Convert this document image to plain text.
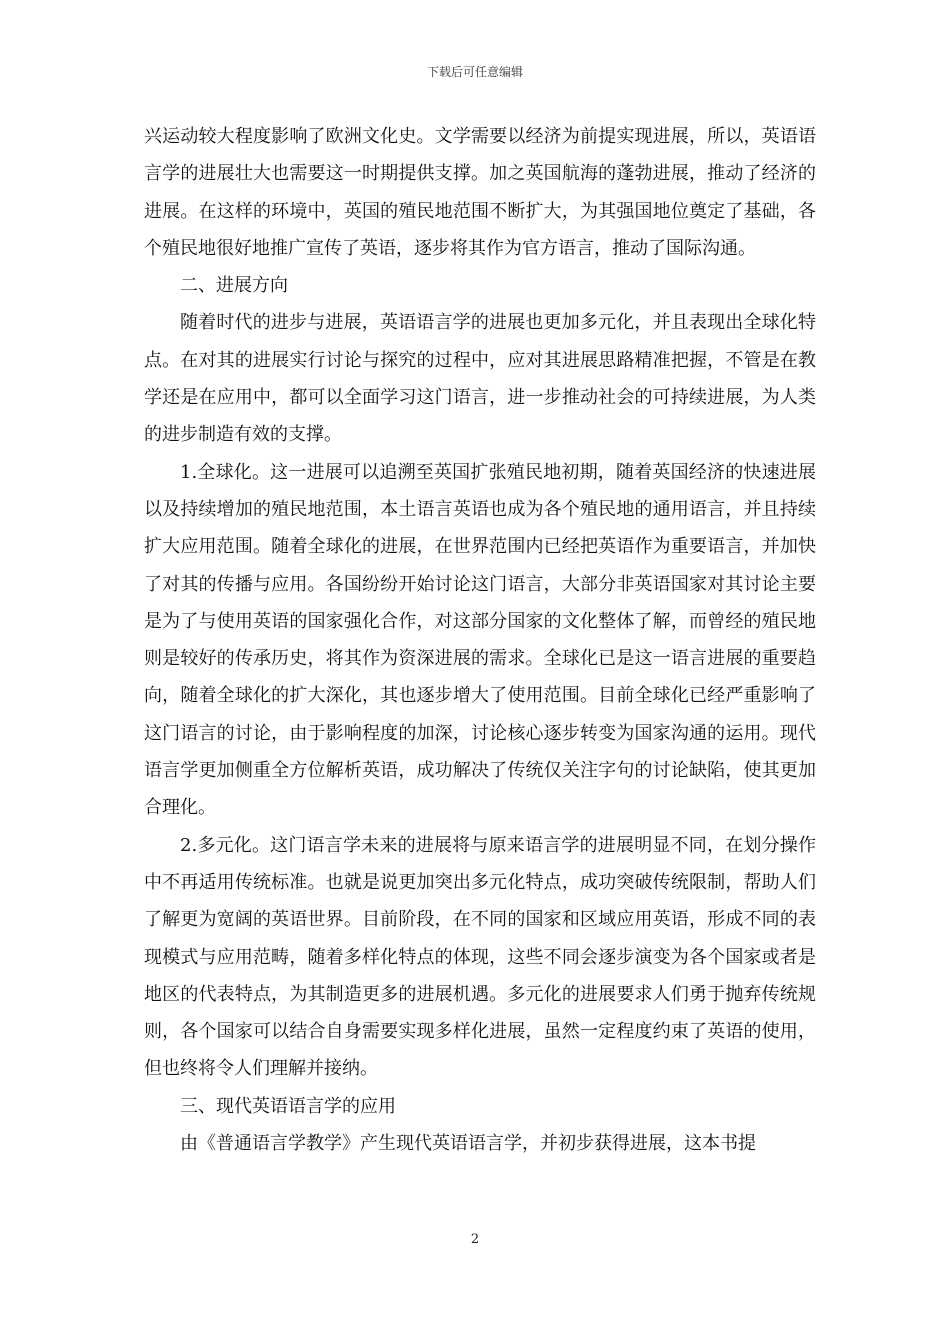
下载后可任意编辑

兴运动较大程度影响了欧洲文化史。文学需要以经济为前提实现进展，所以，英语语言学的进展壮大也需要这一时期提供支撑。加之英国航海的蓬勃进展，推动了经济的进展。在这样的环境中，英国的殖民地范围不断扩大，为其强国地位奠定了基础，各个殖民地很好地推广宣传了英语，逐步将其作为官方语言，推动了国际沟通。

二、进展方向

随着时代的进步与进展，英语语言学的进展也更加多元化，并且表现出全球化特点。在对其的进展实行讨论与探究的过程中，应对其进展思路精准把握，不管是在教学还是在应用中，都可以全面学习这门语言，进一步推动社会的可持续进展，为人类的进步制造有效的支撑。

1.全球化。这一进展可以追溯至英国扩张殖民地初期，随着英国经济的快速进展以及持续增加的殖民地范围，本土语言英语也成为各个殖民地的通用语言，并且持续扩大应用范围。随着全球化的进展，在世界范围内已经把英语作为重要语言，并加快了对其的传播与应用。各国纷纷开始讨论这门语言，大部分非英语国家对其讨论主要是为了与使用英语的国家强化合作，对这部分国家的文化整体了解，而曾经的殖民地则是较好的传承历史，将其作为资深进展的需求。全球化已是这一语言进展的重要趋向，随着全球化的扩大深化，其也逐步增大了使用范围。目前全球化已经严重影响了这门语言的讨论，由于影响程度的加深，讨论核心逐步转变为国家沟通的运用。现代语言学更加侧重全方位解析英语，成功解决了传统仅关注字句的讨论缺陷，使其更加合理化。

2.多元化。这门语言学未来的进展将与原来语言学的进展明显不同，在划分操作中不再适用传统标准。也就是说更加突出多元化特点，成功突破传统限制，帮助人们了解更为宽阔的英语世界。目前阶段，在不同的国家和区域应用英语，形成不同的表现模式与应用范畴，随着多样化特点的体现，这些不同会逐步演变为各个国家或者是地区的代表特点，为其制造更多的进展机遇。多元化的进展要求人们勇于抛弃传统规则，各个国家可以结合自身需要实现多样化进展，虽然一定程度约束了英语的使用，但也终将令人们理解并接纳。

三、现代英语语言学的应用

由《普通语言学教学》产生现代英语语言学，并初步获得进展，这本书提

2
